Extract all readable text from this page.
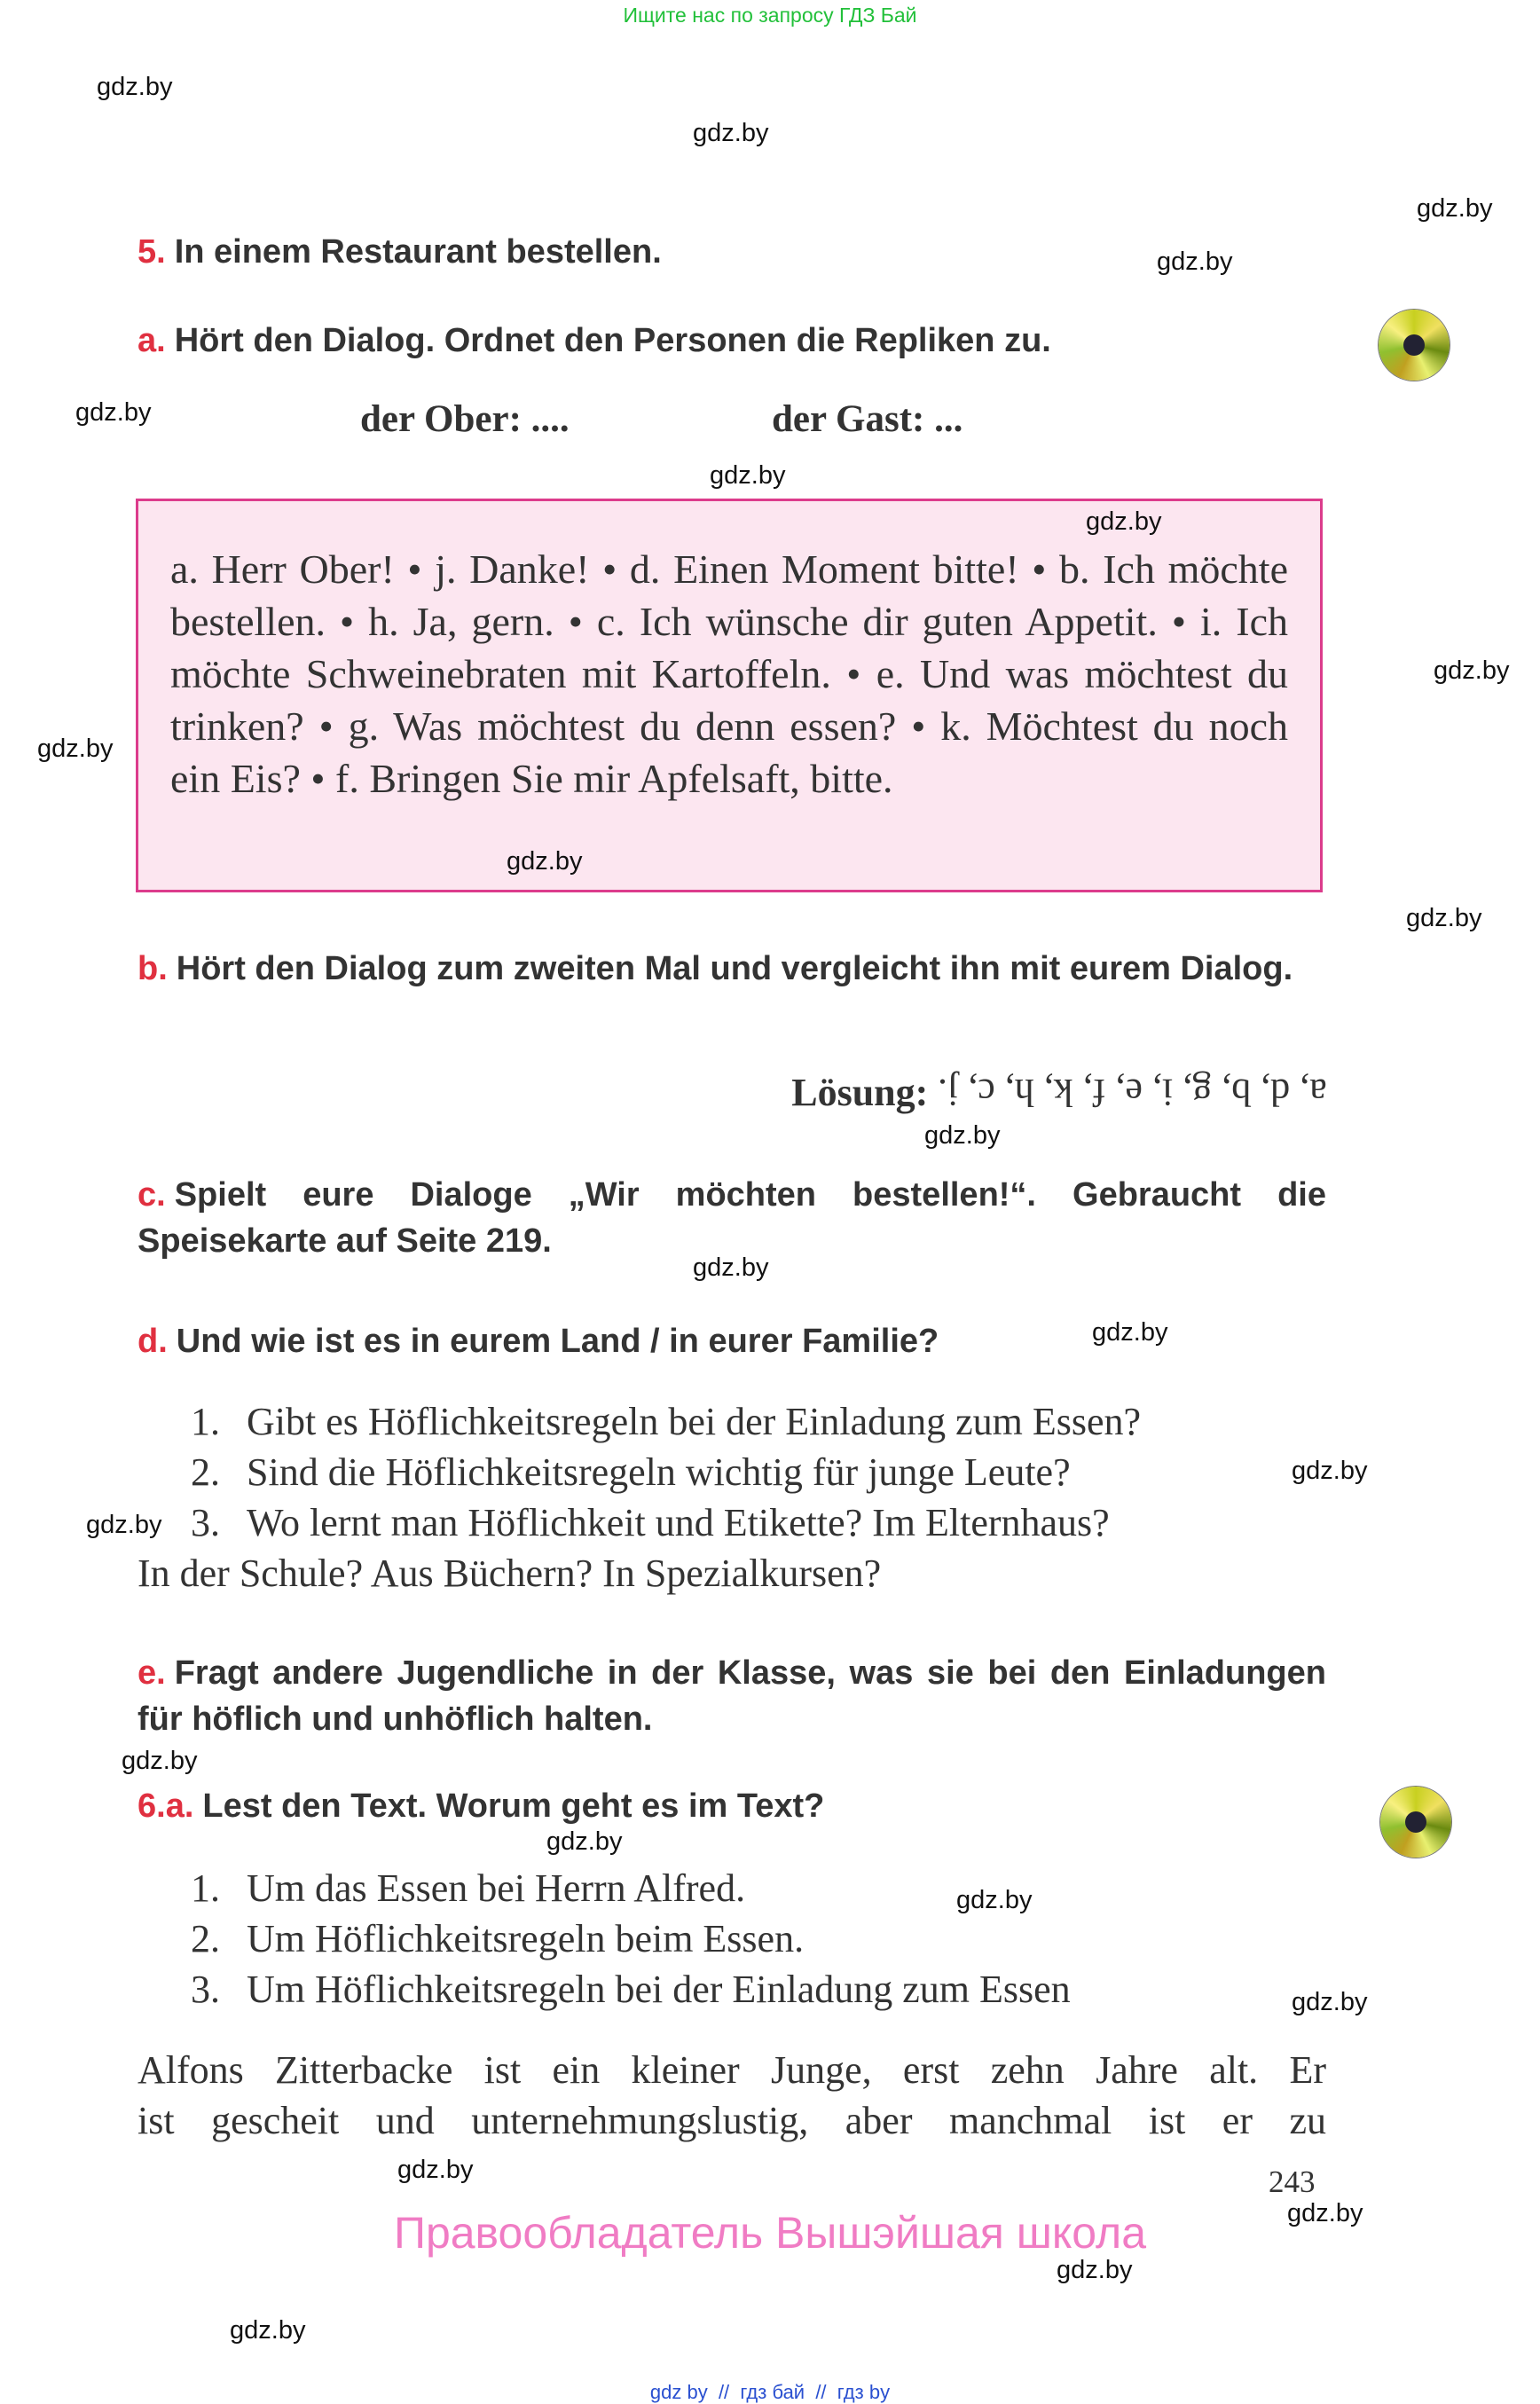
Ищите нас по запросу ГДЗ Бай
gdz.by
gdz.by
gdz.by
gdz.by
gdz.by
gdz.by
gdz.by
gdz.by
gdz.by
gdz.by
gdz.by
gdz.by
gdz.by
gdz.by
gdz.by
gdz.by
gdz.by
gdz.by
gdz.by
gdz.by
gdz.by
gdz.by
gdz.by
gdz.by
5. In einem Restaurant bestellen.
a. Hört den Dialog. Ordnet den Personen die Repliken zu.
der Ober: ....	der Gast: ...

a. Herr Ober! • j. Danke! • d. Einen Moment bitte! • b. Ich möchte bestellen. • h. Ja, gern. • c. Ich wünsche dir guten Appetit. • i. Ich möchte Schweinebraten mit Kartoffeln. • e. Und was möchtest du trinken? • g. Was möchtest du denn essen? • k. Möchtest du noch ein Eis? • f. Bringen Sie mir Apfelsaft, bitte.

b. Hört den Dialog zum zweiten Mal und vergleicht ihn mit eurem Dialog.
Lösung: a, d, b, g, i, e, f, k, h, c, j.
c. Spielt eure Dialoge „Wir möchten bestellen!“. Gebraucht die Speisekarte auf Seite 219.
d. Und wie ist es in eurem Land / in eurer Familie?
1. Gibt es Höflichkeitsregeln bei der Einladung zum Essen?
2. Sind die Höflichkeitsregeln wichtig für junge Leute?
3. Wo lernt man Höflichkeit und Etikette? Im Elternhaus?
In der Schule? Aus Büchern? In Spezialkursen?
e. Fragt andere Jugendliche in der Klasse, was sie bei den Einladungen für höflich und unhöflich halten.
6.a. Lest den Text. Worum geht es im Text?
1. Um das Essen bei Herrn Alfred.
2. Um Höflichkeitsregeln beim Essen.
3. Um Höflichkeitsregeln bei der Einladung zum Essen
Alfons Zitterbacke ist ein kleiner Junge, erst zehn Jahre alt. Er
ist gescheit und unternehmungslustig, aber manchmal ist er zu
243
Правообладатель Вышэйшая школа
gdz by  //  гдз бай  //  гдз by
